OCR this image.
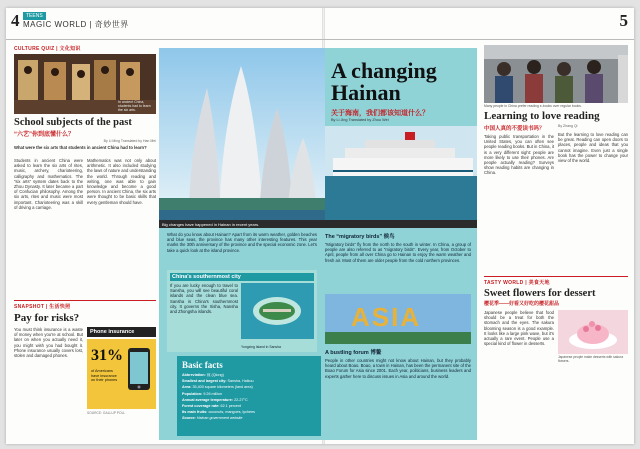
4	TEENS
MAGIC WORLD | 奇妙世界
CULTURE QUIZ | 文化知识
In ancient China, students had to learn the six arts.
School subjects of the past
“六艺”你到底懂什么？
By Li Ming Translated by Han Mei
What were the six arts that students in ancient China had to learn?
Students in ancient China were asked to learn the six arts of rites, music, archery, charioteering, calligraphy and mathematics. The “six arts” system dates back to the Zhou Dynasty. It later became a part of Confucian philosophy. Among the six arts, rites and music were most important. Charioteering was a skill of driving a carriage.
Mathematics was not only about arithmetic. It also included studying the laws of nature and understanding the world. Through reading and writing, one was able to gain knowledge and become a good person. In ancient China, the six arts were thought to be basic skills that every gentleman should have.
SNAPSHOT | 生活快照
Pay for risks?
You must think insurance is a waste of money when you're at school. But later on when you actually need it, you might wish you had bought it. Phone insurance usually covers lost, stolen and damaged phones.
Phone insurance
31%
of Americans have insurance on their phones
SOURCE: GALLUP POLL
5
Many people in China prefer reading e-books over regular books.
Learning to love reading
中国人真的不爱读书吗？
Taking public transportation in the United States, you can often see people reading books. But in China, it is a very different sight: people are more likely to use their phones. Are people actually reading? Surveys show reading habits are changing in China.
By Zhang Qi
But the learning to love reading can be great. Reading can open doors to places, people and ideas that you cannot imagine. Even just a single book has the power to change your view of the world.
TASTY WORLD | 美食天地
Sweet flowers for dessert
樱花季——好看又好吃的樱花甜品
Japanese people believe that food should be a treat for both the stomach and the eyes. The sakura blooming season is a good example. It looks like a large pink wave, but it's actually a rare event. People use a special kind of flower in desserts.
Japanese people make desserts with sakura flowers.
A changing Hainan
关于海南，我们都该知道什么？
By Li Jing Translated by Zhou Wei
Big changes have happened in Hainan in recent years.
What do you know about Hainan? Apart from its warm weather, golden beaches and blue seas, the province has many other interesting features. This year marks the 30th anniversary of the province and the special economic zone. Let's take a quick look at the island province.
China's southernmost city
If you are lucky enough to travel to Sansha, you will see beautiful coral islands and the clean blue sea. Sansha is China's southernmost city. It governs the Xisha, Nansha and Zhongsha islands.
Yongxing Island in Sansha
Basic facts
Abbreviation: 琼 (Qiong)
Smallest and largest city: Sansha, Haikou
Area: 35,400 square kilometers (land area)
Population: 9.26 million
Annual average temperature: 22-27°C
Forest coverage rate: 62.1 percent
Its main fruits: coconuts, mangoes, lychees
Source: Hainan government website
The “migratory birds” 候鸟
“Migratory birds” fly from the north to the south in winter. In China, a group of people are also referred to as “migratory birds”. Every year, from October to April, people from all over China go to Hainan to enjoy the warm weather and fresh air. Most of them are older people from the cold northern provinces.
ASIA
A bustling forum 博鳌
People in other countries might not know about Hainan, but they probably heard about Boao. Boao, a town in Hainan, has been the permanent site of the Boao Forum for Asia since 2001. Each year, politicians, business leaders and experts gather here to discuss issues in Asia and around the world.
